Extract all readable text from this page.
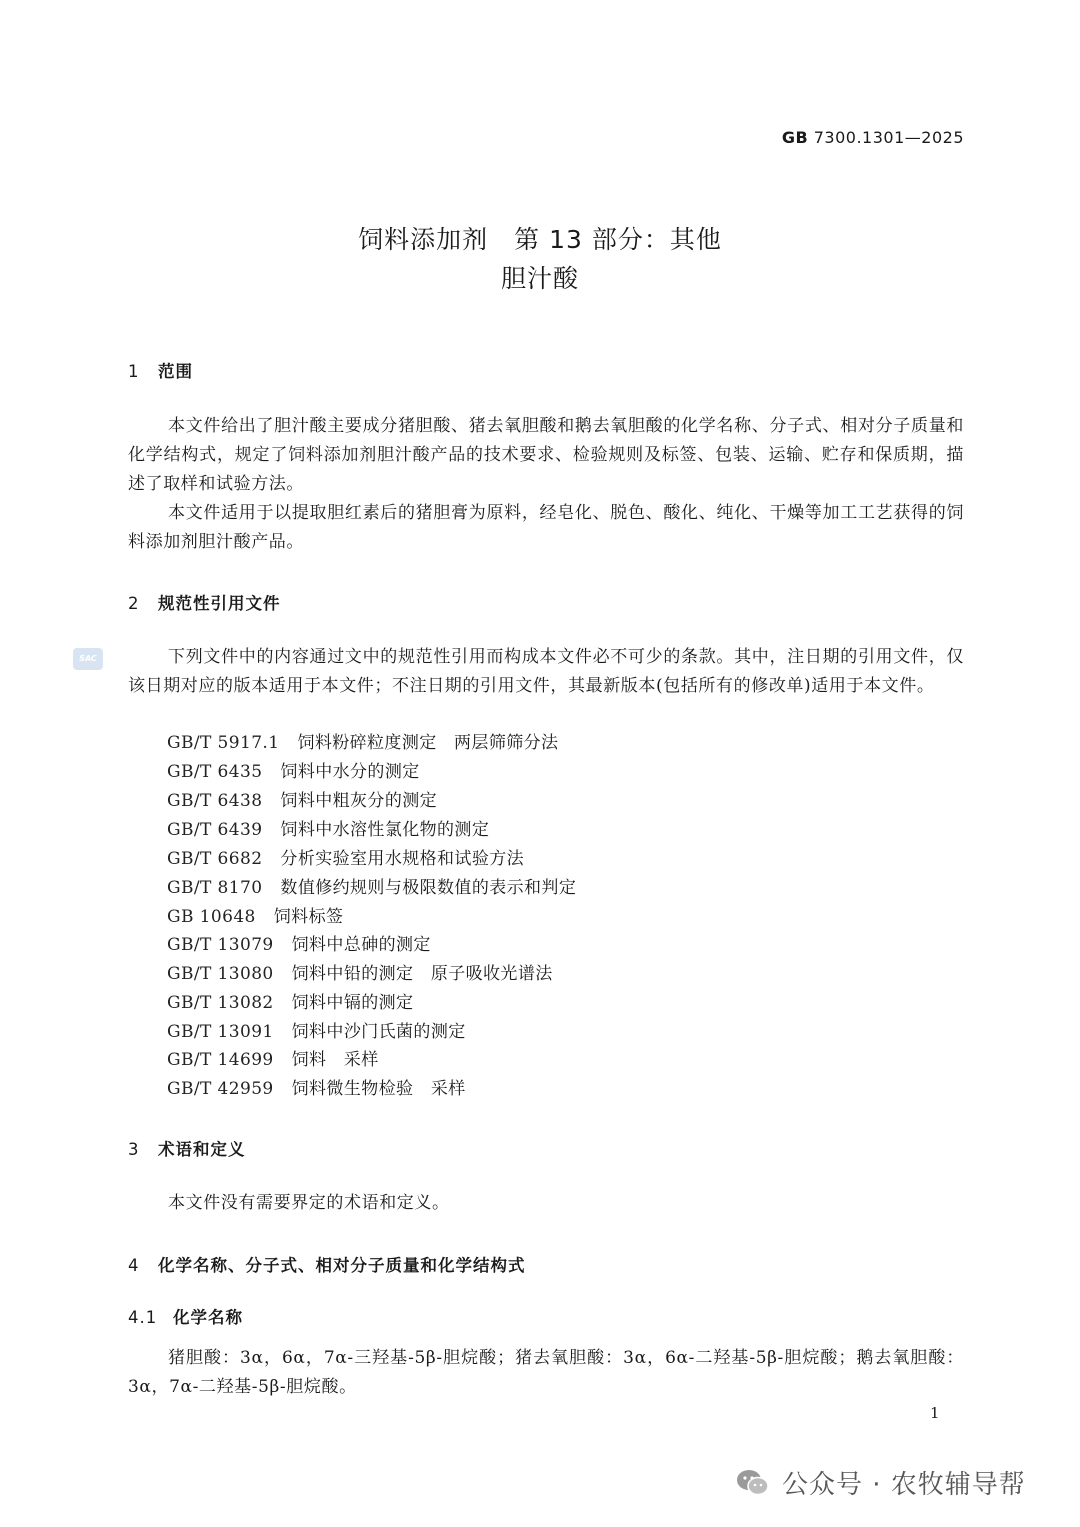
GB 7300.1301—2025
饲料添加剂　第 13 部分：其他
胆汁酸
1 范围

本文件给出了胆汁酸主要成分猪胆酸、猪去氧胆酸和鹅去氧胆酸的化学名称、分子式、相对分子质量和化学结构式，规定了饲料添加剂胆汁酸产品的技术要求、检验规则及标签、包装、运输、贮存和保质期，描述了取样和试验方法。

本文件适用于以提取胆红素后的猪胆膏为原料，经皂化、脱色、酸化、纯化、干燥等加工工艺获得的饲料添加剂胆汁酸产品。

2 规范性引用文件
SAC	下列文件中的内容通过文中的规范性引用而构成本文件必不可少的条款。其中，注日期的引用文件，仅该日期对应的版本适用于本文件；不注日期的引用文件，其最新版本(包括所有的修改单)适用于本文件。

GB/T 5917.1 饲料粉碎粒度测定　两层筛筛分法
GB/T 6435 饲料中水分的测定
GB/T 6438 饲料中粗灰分的测定
GB/T 6439 饲料中水溶性氯化物的测定
GB/T 6682 分析实验室用水规格和试验方法
GB/T 8170 数值修约规则与极限数值的表示和判定
GB 10648 饲料标签
GB/T 13079 饲料中总砷的测定
GB/T 13080 饲料中铅的测定　原子吸收光谱法
GB/T 13082 饲料中镉的测定
GB/T 13091 饲料中沙门氏菌的测定
GB/T 14699 饲料　采样
GB/T 42959 饲料微生物检验　采样
3 术语和定义

本文件没有需要界定的术语和定义。

4 化学名称、分子式、相对分子质量和化学结构式
4.1 化学名称

猪胆酸：3α，6α，7α-三羟基-5β-胆烷酸；猪去氧胆酸：3α，6α-二羟基-5β-胆烷酸；鹅去氧胆酸：3α，7α-二羟基-5β-胆烷酸。

1
公众号 · 农牧辅导帮
